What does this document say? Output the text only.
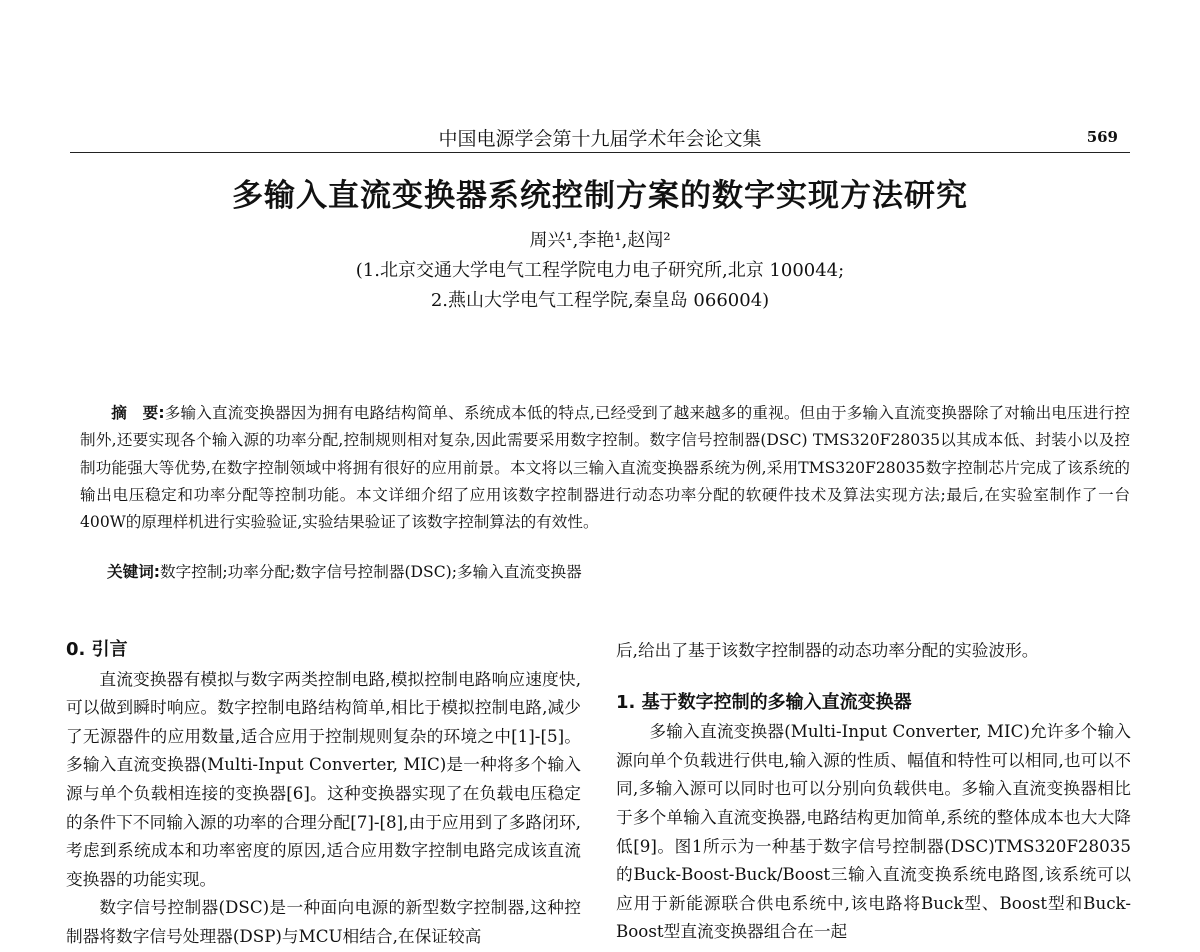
中国电源学会第十九届学术年会论文集	569
多输入直流变换器系统控制方案的数字实现方法研究
周兴¹,李艳¹,赵闯²
(1.北京交通大学电气工程学院电力电子研究所,北京 100044;
2.燕山大学电气工程学院,秦皇岛 066004)
摘　要:多输入直流变换器因为拥有电路结构简单、系统成本低的特点,已经受到了越来越多的重视。但由于多输入直流变换器除了对输出电压进行控制外,还要实现各个输入源的功率分配,控制规则相对复杂,因此需要采用数字控制。数字信号控制器(DSC) TMS320F28035以其成本低、封装小以及控制功能强大等优势,在数字控制领域中将拥有很好的应用前景。本文将以三输入直流变换器系统为例,采用TMS320F28035数字控制芯片完成了该系统的输出电压稳定和功率分配等控制功能。本文详细介绍了应用该数字控制器进行动态功率分配的软硬件技术及算法实现方法;最后,在实验室制作了一台400W的原理样机进行实验验证,实验结果验证了该数字控制算法的有效性。
关键词:数字控制;功率分配;数字信号控制器(DSC);多输入直流变换器
0. 引言

直流变换器有模拟与数字两类控制电路,模拟控制电路响应速度快,可以做到瞬时响应。数字控制电路结构简单,相比于模拟控制电路,减少了无源器件的应用数量,适合应用于控制规则复杂的环境之中[1]-[5]。多输入直流变换器(Multi-Input Converter, MIC)是一种将多个输入源与单个负载相连接的变换器[6]。这种变换器实现了在负载电压稳定的条件下不同输入源的功率的合理分配[7]-[8],由于应用到了多路闭环,考虑到系统成本和功率密度的原因,适合应用数字控制电路完成该直流变换器的功能实现。

数字信号控制器(DSC)是一种面向电源的新型数字控制器,这种控制器将数字信号处理器(DSP)与MCU相结合,在保证较高

后,给出了基于该数字控制器的动态功率分配的实验波形。
1. 基于数字控制的多输入直流变换器

多输入直流变换器(Multi-Input Converter, MIC)允许多个输入源向单个负载进行供电,输入源的性质、幅值和特性可以相同,也可以不同,多输入源可以同时也可以分别向负载供电。多输入直流变换器相比于多个单输入直流变换器,电路结构更加简单,系统的整体成本也大大降低[9]。图1所示为一种基于数字信号控制器(DSC)TMS320F28035的Buck-Boost-Buck/Boost三输入直流变换系统电路图,该系统可以应用于新能源联合供电系统中,该电路将Buck型、Boost型和Buck-Boost型直流变换器组合在一起
